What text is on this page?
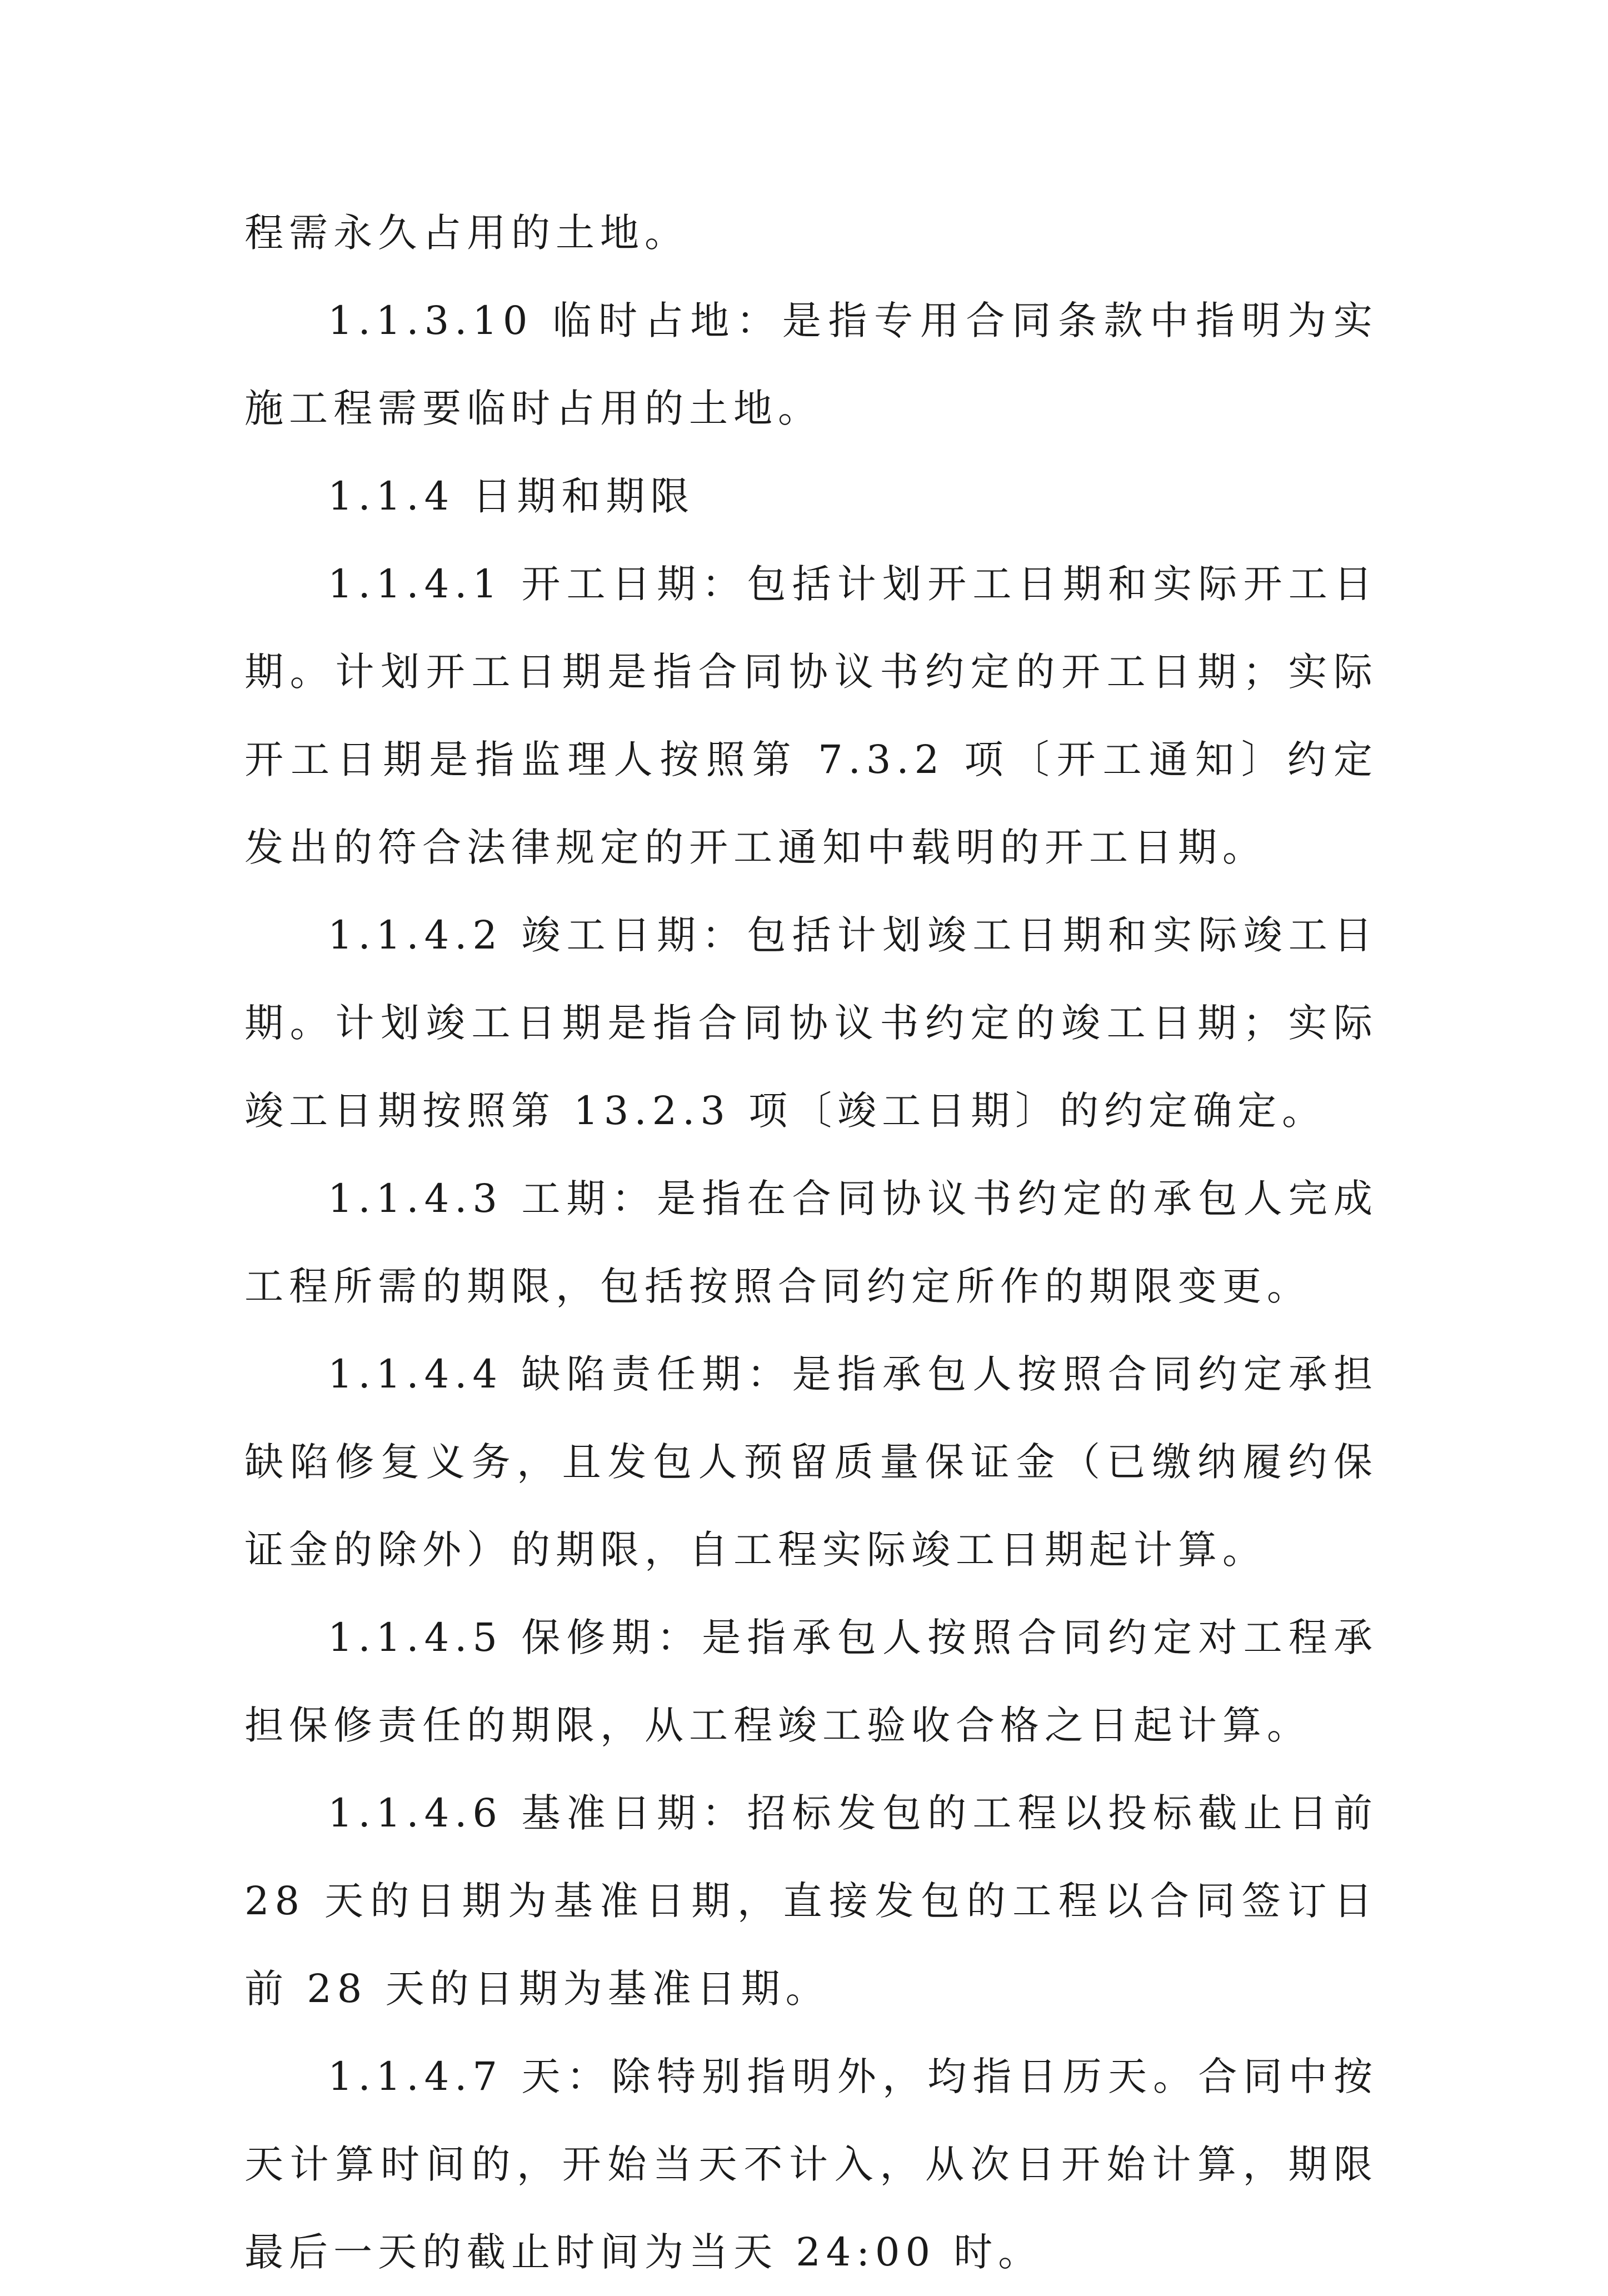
程需永久占用的土地。

1.1.3.10 临时占地：是指专用合同条款中指明为实施工程需要临时占用的土地。

1.1.4 日期和期限

1.1.4.1 开工日期：包括计划开工日期和实际开工日期。计划开工日期是指合同协议书约定的开工日期；实际开工日期是指监理人按照第 7.3.2 项〔开工通知〕约定发出的符合法律规定的开工通知中载明的开工日期。

1.1.4.2 竣工日期：包括计划竣工日期和实际竣工日期。计划竣工日期是指合同协议书约定的竣工日期；实际竣工日期按照第 13.2.3 项〔竣工日期〕的约定确定。

1.1.4.3 工期：是指在合同协议书约定的承包人完成工程所需的期限，包括按照合同约定所作的期限变更。

1.1.4.4 缺陷责任期：是指承包人按照合同约定承担缺陷修复义务，且发包人预留质量保证金（已缴纳履约保证金的除外）的期限，自工程实际竣工日期起计算。

1.1.4.5 保修期：是指承包人按照合同约定对工程承担保修责任的期限，从工程竣工验收合格之日起计算。

1.1.4.6 基准日期：招标发包的工程以投标截止日前 28 天的日期为基准日期，直接发包的工程以合同签订日前 28 天的日期为基准日期。

1.1.4.7 天：除特别指明外，均指日历天。合同中按天计算时间的，开始当天不计入，从次日开始计算，期限最后一天的截止时间为当天 24:00 时。
